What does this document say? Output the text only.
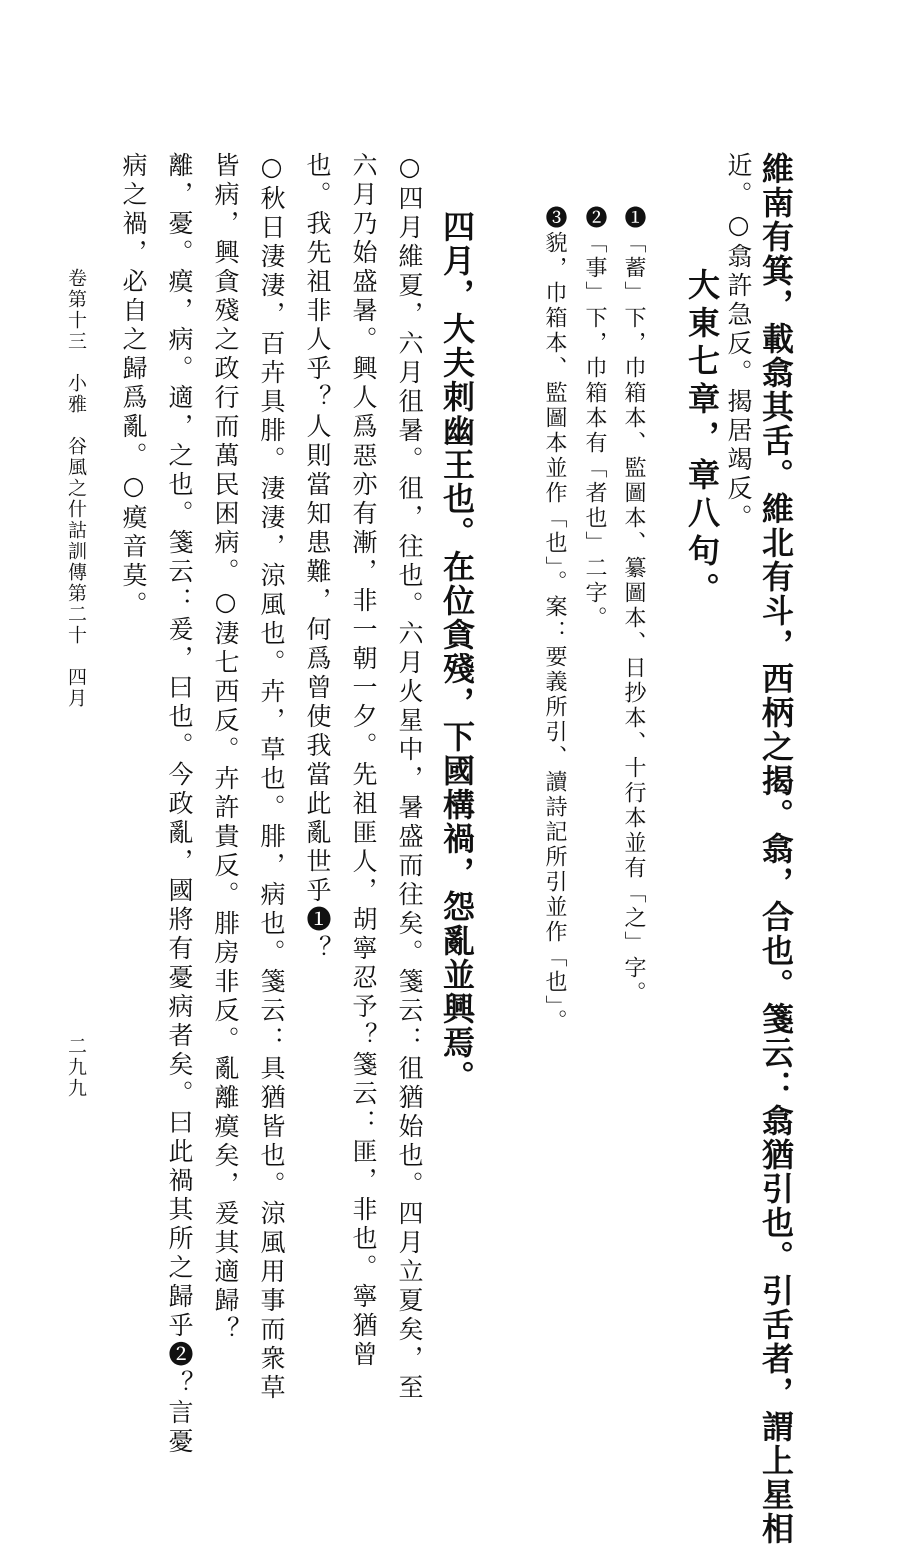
維南有箕，載翕其舌。維北有斗，西柄之揭。翕，合也。箋云：翕猶引也。引舌者，謂上星相
近。○翕許急反。揭居竭反。
大東七章，章八句。
❶「蓄」下，巾箱本、監圖本、纂圖本、日抄本、十行本並有「之」字。
❷「事」下，巾箱本有「者也」二字。
❸貌，巾箱本、監圖本並作「也」。案：要義所引、讀詩記所引並作「也」。
四月，大夫刺幽王也。在位貪殘，下國構禍，怨亂並興焉。
○四月維夏，六月徂暑。徂，往也。六月火星中，暑盛而往矣。箋云：徂猶始也。四月立夏矣，至
六月乃始盛暑。興人爲惡亦有漸，非一朝一夕。先祖匪人，胡寧忍予？箋云：匪，非也。寧猶曾
也。我先祖非人乎？人則當知患難，何爲曾使我當此亂世乎❶？
○秋日淒淒，百卉具腓。淒淒，涼風也。卉，草也。腓，病也。箋云：具猶皆也。涼風用事而衆草
皆病，興貪殘之政行而萬民困病。○淒七西反。卉許貴反。腓房非反。亂離瘼矣，爰其適歸？
離，憂。瘼，病。適，之也。箋云：爰，曰也。今政亂，國將有憂病者矣。曰此禍其所之歸乎❷？言憂
病之禍，必自之歸爲亂。○瘼音莫。
卷第十三　小雅　谷風之什詁訓傳第二十　四月
二九九
